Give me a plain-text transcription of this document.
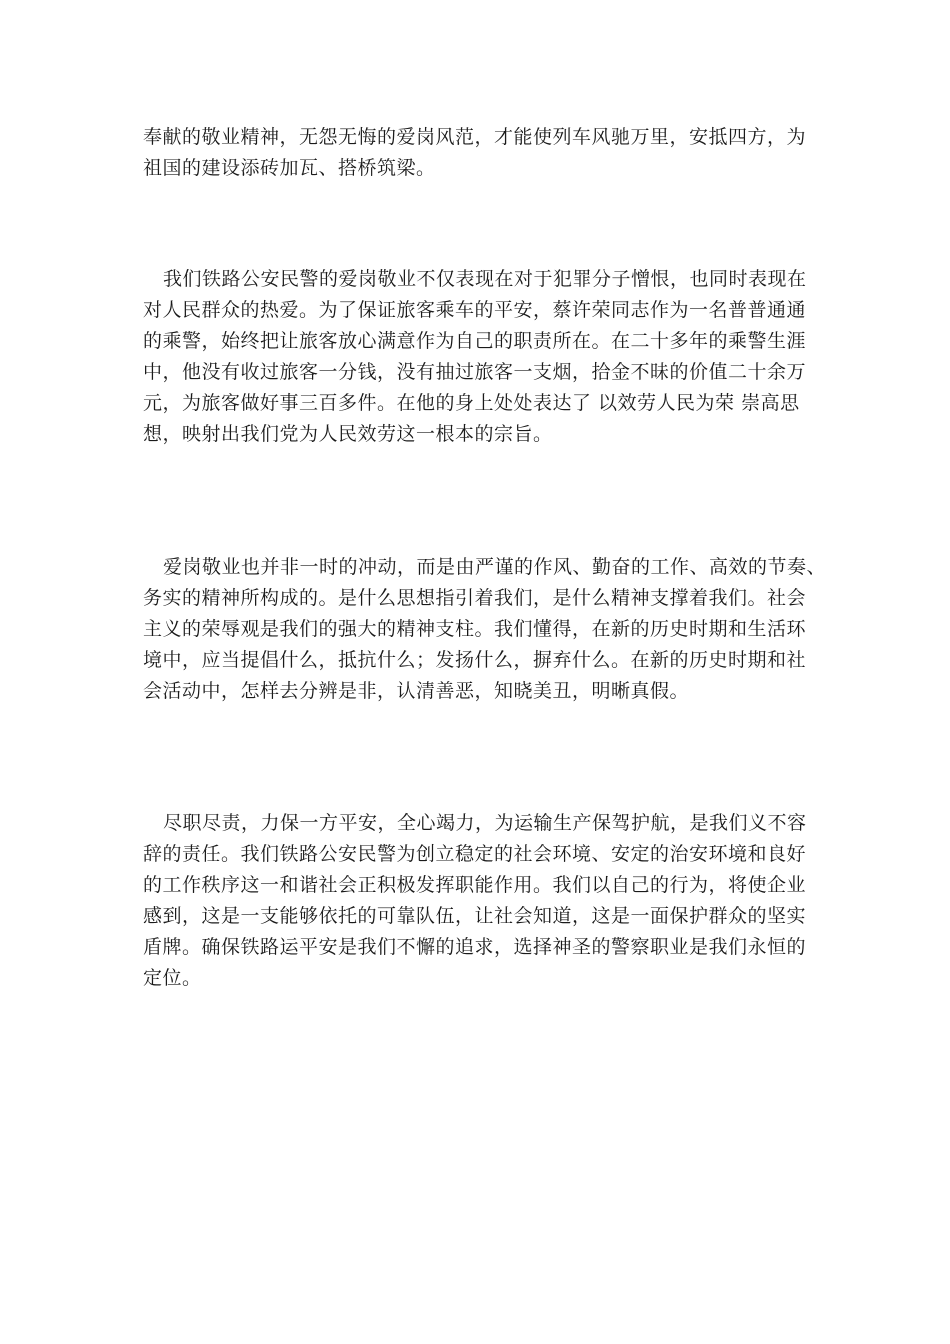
奉献的敬业精神，无怨无悔的爱岗风范，才能使列车风驰万里，安抵四方，为
祖国的建设添砖加瓦、搭桥筑梁。

我们铁路公安民警的爱岗敬业不仅表现在对于犯罪分子憎恨，也同时表现在
对人民群众的热爱。为了保证旅客乘车的平安，蔡许荣同志作为一名普普通通
的乘警，始终把让旅客放心满意作为自己的职责所在。在二十多年的乘警生涯
中，他没有收过旅客一分钱，没有抽过旅客一支烟，拾金不昧的价值二十余万
元，为旅客做好事三百多件。在他的身上处处表达了 以效劳人民为荣 崇高思
想，映射出我们党为人民效劳这一根本的宗旨。

爱岗敬业也并非一时的冲动，而是由严谨的作风、勤奋的工作、高效的节奏、
务实的精神所构成的。是什么思想指引着我们，是什么精神支撑着我们。社会
主义的荣辱观是我们的强大的精神支柱。我们懂得，在新的历史时期和生活环
境中，应当提倡什么，抵抗什么；发扬什么，摒弃什么。在新的历史时期和社
会活动中，怎样去分辨是非，认清善恶，知晓美丑，明晰真假。

尽职尽责，力保一方平安，全心竭力，为运输生产保驾护航，是我们义不容
辞的责任。我们铁路公安民警为创立稳定的社会环境、安定的治安环境和良好
的工作秩序这一和谐社会正积极发挥职能作用。我们以自己的行为，将使企业
感到，这是一支能够依托的可靠队伍，让社会知道，这是一面保护群众的坚实
盾牌。确保铁路运平安是我们不懈的追求，选择神圣的警察职业是我们永恒的
定位。
